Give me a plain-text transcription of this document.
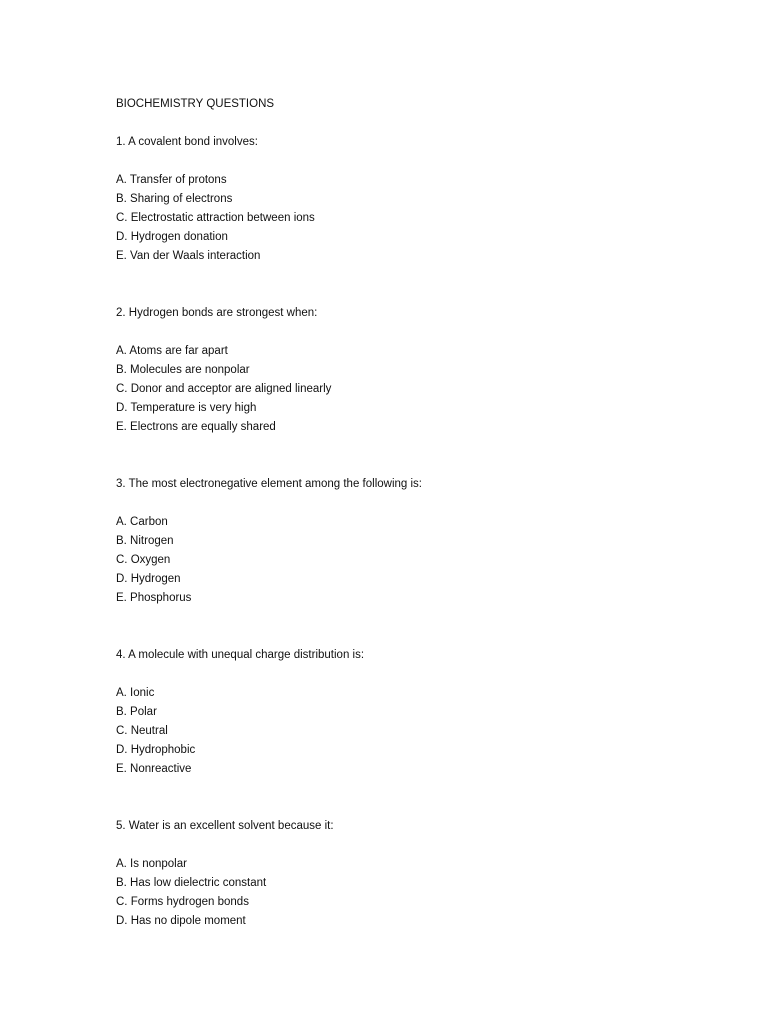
BIOCHEMISTRY QUESTIONS

1. A covalent bond involves:

A. Transfer of protons
B. Sharing of electrons
C. Electrostatic attraction between ions
D. Hydrogen donation
E. Van der Waals interaction

2. Hydrogen bonds are strongest when:

A. Atoms are far apart
B. Molecules are nonpolar
C. Donor and acceptor are aligned linearly
D. Temperature is very high
E. Electrons are equally shared

3. The most electronegative element among the following is:

A. Carbon
B. Nitrogen
C. Oxygen
D. Hydrogen
E. Phosphorus

4. A molecule with unequal charge distribution is:

A. Ionic
B. Polar
C. Neutral
D. Hydrophobic
E. Nonreactive

5. Water is an excellent solvent because it:

A. Is nonpolar
B. Has low dielectric constant
C. Forms hydrogen bonds
D. Has no dipole moment
